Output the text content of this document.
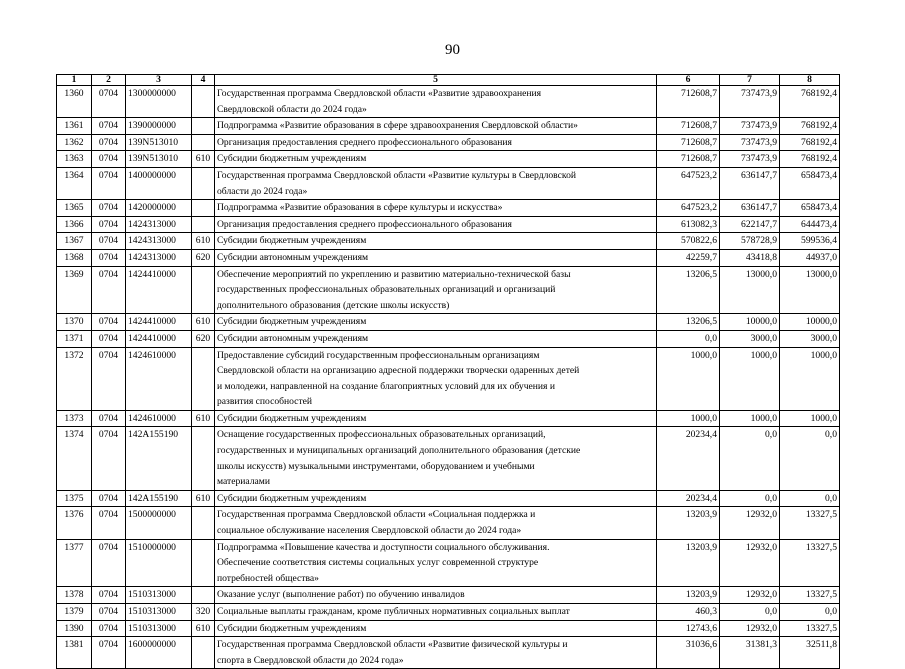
90
1	2	3	4	5	6	7	8
1360	0704	1300000000		Государственная программа Свердловской области «Развитие здравоохранения
Свердловской области до 2024 года»	712608,7	737473,9	768192,4
1361	0704	1390000000		Подпрограмма «Развитие образования в сфере здравоохранения Свердловской области»	712608,7	737473,9	768192,4
1362	0704	139N513010		Организация предоставления среднего профессионального образования	712608,7	737473,9	768192,4
1363	0704	139N513010	610	Субсидии бюджетным учреждениям	712608,7	737473,9	768192,4
1364	0704	1400000000		Государственная программа Свердловской области «Развитие культуры в Свердловской
области до 2024 года»	647523,2	636147,7	658473,4
1365	0704	1420000000		Подпрограмма «Развитие образования в сфере культуры и искусства»	647523,2	636147,7	658473,4
1366	0704	1424313000		Организация предоставления среднего профессионального образования	613082,3	622147,7	644473,4
1367	0704	1424313000	610	Субсидии бюджетным учреждениям	570822,6	578728,9	599536,4
1368	0704	1424313000	620	Субсидии автономным учреждениям	42259,7	43418,8	44937,0
1369	0704	1424410000		Обеспечение мероприятий по укреплению и развитию материально-технической базы
государственных профессиональных образовательных организаций и организаций
дополнительного образования (детские школы искусств)	13206,5	13000,0	13000,0
1370	0704	1424410000	610	Субсидии бюджетным учреждениям	13206,5	10000,0	10000,0
1371	0704	1424410000	620	Субсидии автономным учреждениям	0,0	3000,0	3000,0
1372	0704	1424610000		Предоставление субсидий государственным профессиональным организациям
Свердловской области на организацию адресной поддержки творчески одаренных детей
и молодежи, направленной на создание благоприятных условий для их обучения и
развития способностей	1000,0	1000,0	1000,0
1373	0704	1424610000	610	Субсидии бюджетным учреждениям	1000,0	1000,0	1000,0
1374	0704	142A155190		Оснащение государственных профессиональных образовательных организаций,
государственных и муниципальных организаций дополнительного образования (детские
школы искусств) музыкальными инструментами, оборудованием и учебными
материалами	20234,4	0,0	0,0
1375	0704	142A155190	610	Субсидии бюджетным учреждениям	20234,4	0,0	0,0
1376	0704	1500000000		Государственная программа Свердловской области «Социальная поддержка и
социальное обслуживание населения Свердловской области до 2024 года»	13203,9	12932,0	13327,5
1377	0704	1510000000		Подпрограмма «Повышение качества и доступности социального обслуживания.
Обеспечение соответствия системы социальных услуг современной структуре
потребностей общества»	13203,9	12932,0	13327,5
1378	0704	1510313000		Оказание услуг (выполнение работ) по обучению инвалидов	13203,9	12932,0	13327,5
1379	0704	1510313000	320	Социальные выплаты гражданам, кроме публичных нормативных социальных выплат	460,3	0,0	0,0
1390	0704	1510313000	610	Субсидии бюджетным учреждениям	12743,6	12932,0	13327,5
1381	0704	1600000000		Государственная программа Свердловской области «Развитие физической культуры и
спорта в Свердловской области до 2024 года»	31036,6	31381,3	32511,8
